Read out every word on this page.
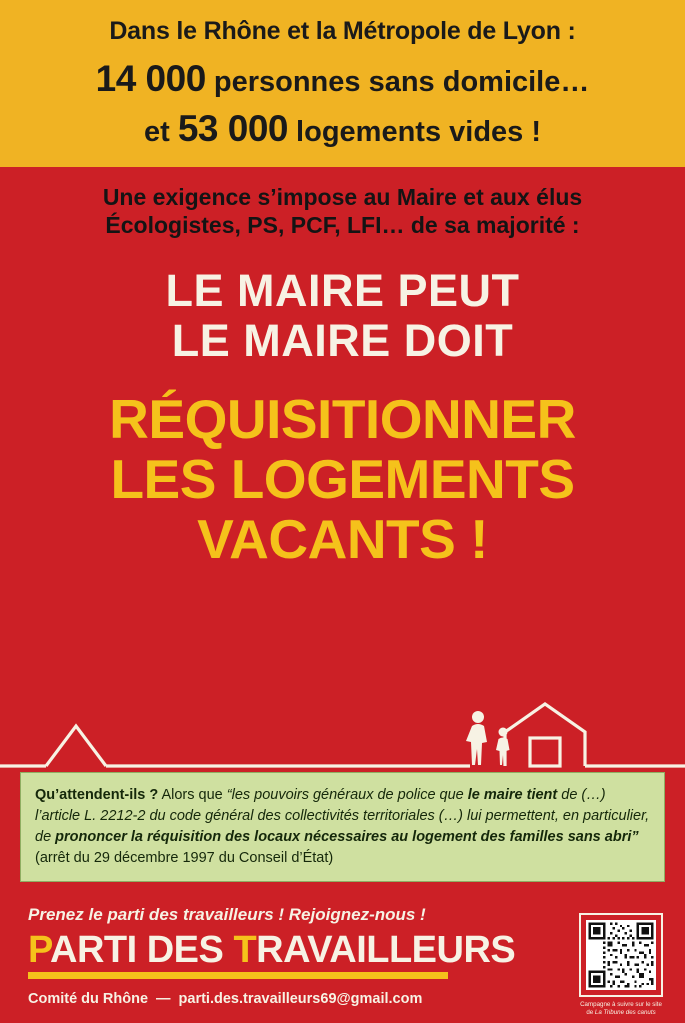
Dans le Rhône et la Métropole de Lyon :
14 000 personnes sans domicile…
et 53 000 logements vides !
Une exigence s’impose au Maire et aux élus
Écologistes, PS, PCF, LFI… de sa majorité :
LE MAIRE PEUT
LE MAIRE DOIT
RÉQUISITIONNER
LES LOGEMENTS
VACANTS !
Qu’attendent-ils ? Alors que “les pouvoirs généraux de police que le maire tient de (…) l’article L. 2212-2 du code général des collectivités territoriales (…) lui permettent, en particulier, de prononcer la réquisition des locaux nécessaires au logement des familles sans abri” (arrêt du 29 décembre 1997 du Conseil d’État)
Prenez le parti des travailleurs ! Rejoignez-nous !
PARTI DES TRAVAILLEURS
Comité du Rhône — parti.des.travailleurs69@gmail.com	Campagne à suivre sur le site
de La Tribune des canuts
